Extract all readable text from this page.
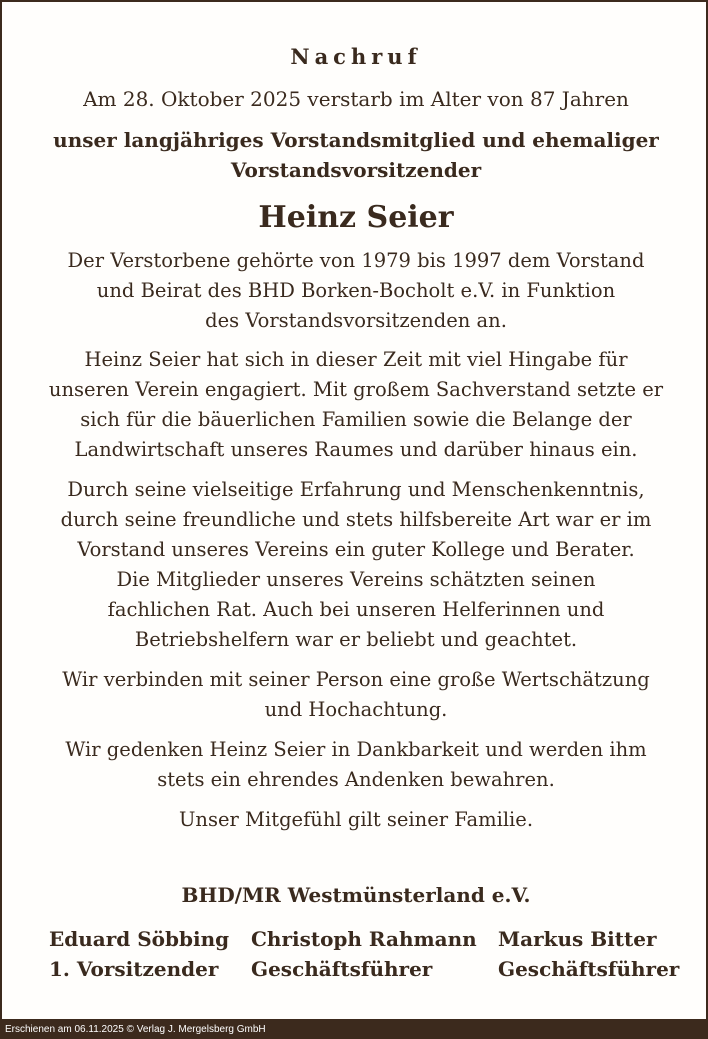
Nachruf
Am 28. Oktober 2025 verstarb im Alter von 87 Jahren
unser langjähriges Vorstandsmitglied und ehemaliger
Vorstandsvorsitzender
Heinz Seier
Der Verstorbene gehörte von 1979 bis 1997 dem Vorstand
und Beirat des BHD Borken-Bocholt e.V. in Funktion
des Vorstandsvorsitzenden an.
Heinz Seier hat sich in dieser Zeit mit viel Hingabe für
unseren Verein engagiert. Mit großem Sachverstand setzte er
sich für die bäuerlichen Familien sowie die Belange der
Landwirtschaft unseres Raumes und darüber hinaus ein.
Durch seine vielseitige Erfahrung und Menschenkenntnis,
durch seine freundliche und stets hilfsbereite Art war er im
Vorstand unseres Vereins ein guter Kollege und Berater.
Die Mitglieder unseres Vereins schätzten seinen
fachlichen Rat. Auch bei unseren Helferinnen und
Betriebshelfern war er beliebt und geachtet.
Wir verbinden mit seiner Person eine große Wertschätzung
und Hochachtung.
Wir gedenken Heinz Seier in Dankbarkeit und werden ihm
stets ein ehrendes Andenken bewahren.
Unser Mitgefühl gilt seiner Familie.
BHD/MR Westmünsterland e.V.
Eduard Söbbing
1. Vorsitzender
Christoph Rahmann
Geschäftsführer
Markus Bitter
Geschäftsführer
Erschienen am 06.11.2025 © Verlag J. Mergelsberg GmbH
